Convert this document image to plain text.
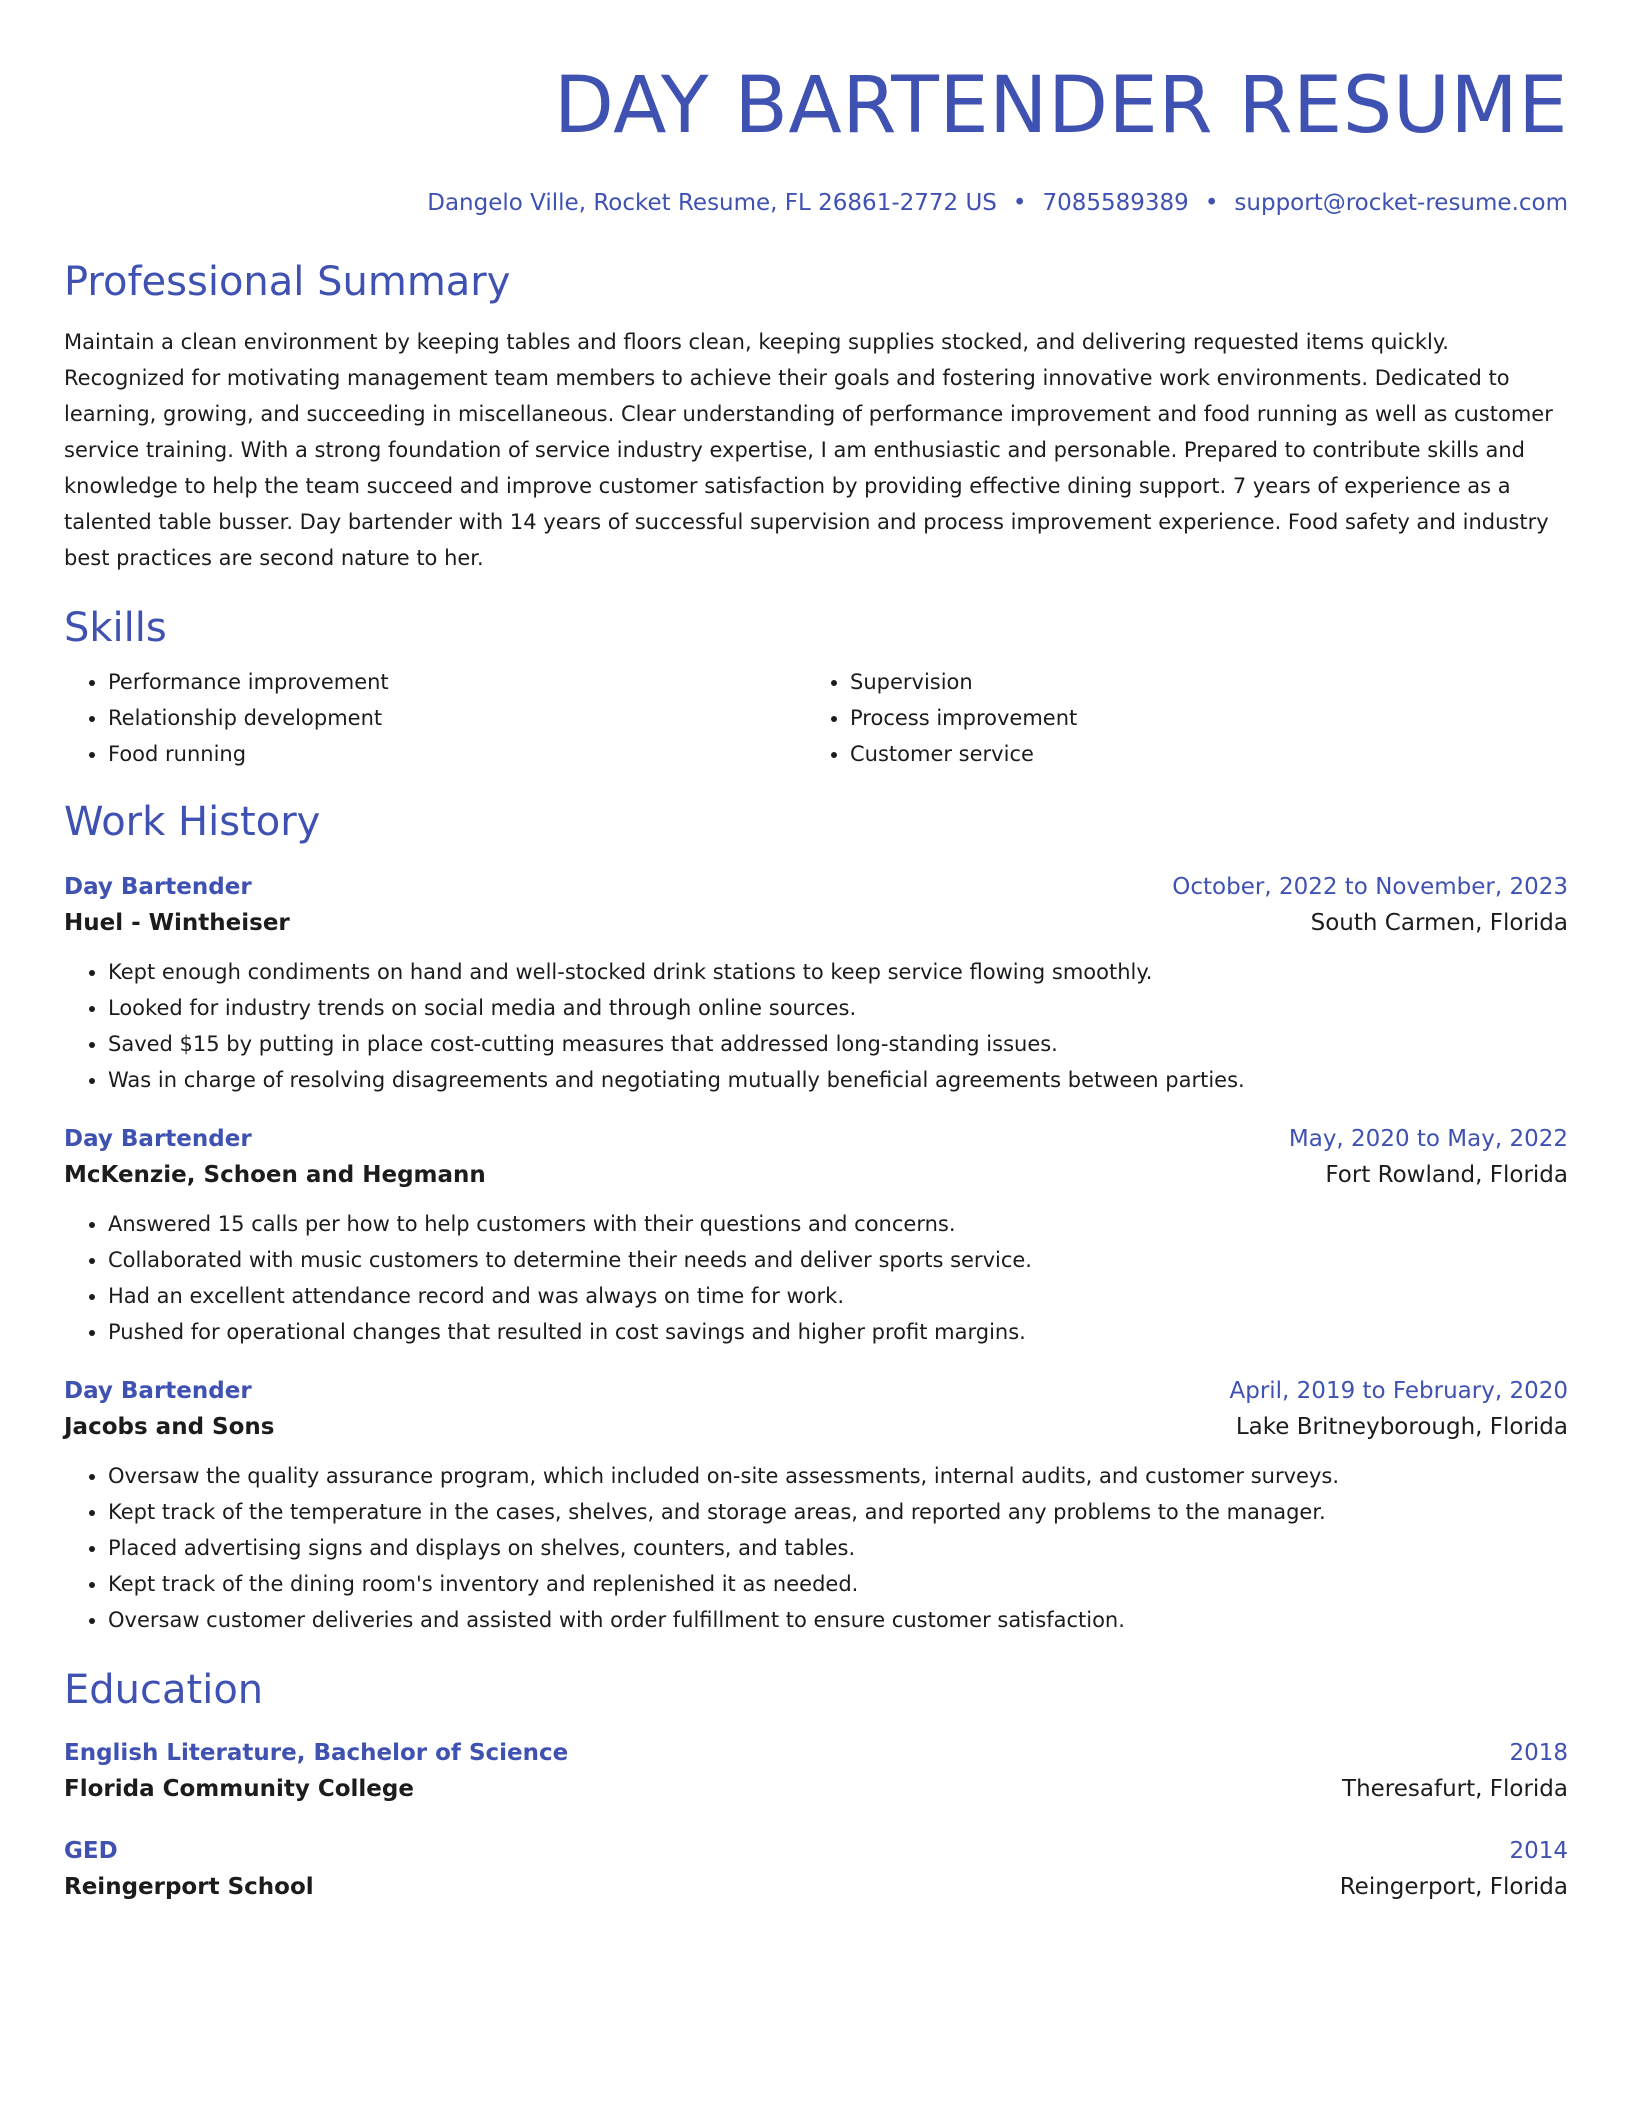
DAY BARTENDER RESUME
Dangelo Ville, Rocket Resume, FL 26861-2772 US • 7085589389 • support@rocket-resume.com
Professional Summary

Maintain a clean environment by keeping tables and floors clean, keeping supplies stocked, and delivering requested items quickly. Recognized for motivating management team members to achieve their goals and fostering innovative work environments. Dedicated to learning, growing, and succeeding in miscellaneous. Clear understanding of performance improvement and food running as well as customer service training. With a strong foundation of service industry expertise, I am enthusiastic and personable. Prepared to contribute skills and knowledge to help the team succeed and improve customer satisfaction by providing effective dining support. 7 years of experience as a talented table busser. Day bartender with 14 years of successful supervision and process improvement experience. Food safety and industry best practices are second nature to her.

Skills
• Performance improvement
• Relationship development
• Food running
• Supervision
• Process improvement
• Customer service
Work History
Day Bartender	October, 2022 to November, 2023
Huel - Wintheiser	South Carmen, Florida
• Kept enough condiments on hand and well-stocked drink stations to keep service flowing smoothly.
• Looked for industry trends on social media and through online sources.
• Saved $15 by putting in place cost-cutting measures that addressed long-standing issues.
• Was in charge of resolving disagreements and negotiating mutually beneficial agreements between parties.
Day Bartender	May, 2020 to May, 2022
McKenzie, Schoen and Hegmann	Fort Rowland, Florida
• Answered 15 calls per how to help customers with their questions and concerns.
• Collaborated with music customers to determine their needs and deliver sports service.
• Had an excellent attendance record and was always on time for work.
• Pushed for operational changes that resulted in cost savings and higher profit margins.
Day Bartender	April, 2019 to February, 2020
Jacobs and Sons	Lake Britneyborough, Florida
• Oversaw the quality assurance program, which included on-site assessments, internal audits, and customer surveys.
• Kept track of the temperature in the cases, shelves, and storage areas, and reported any problems to the manager.
• Placed advertising signs and displays on shelves, counters, and tables.
• Kept track of the dining room's inventory and replenished it as needed.
• Oversaw customer deliveries and assisted with order fulfillment to ensure customer satisfaction.
Education
English Literature, Bachelor of Science	2018
Florida Community College	Theresafurt, Florida
GED	2014
Reingerport School	Reingerport, Florida
